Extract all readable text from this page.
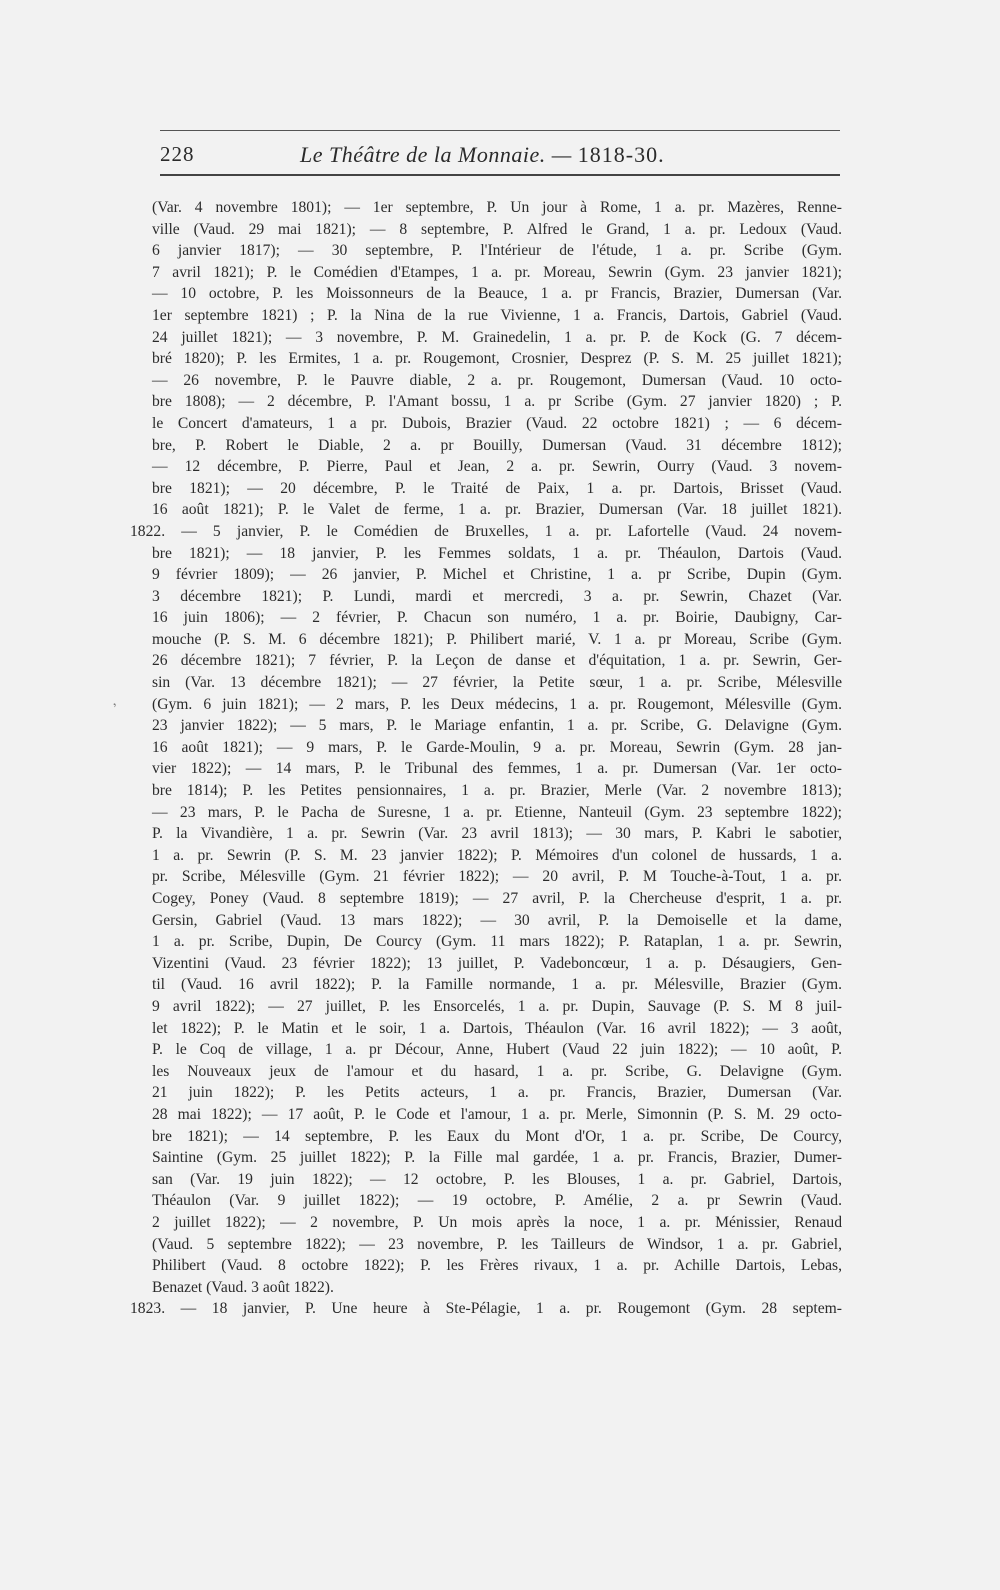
228	Le Théâtre de la Monnaie. — 1818-30.
,
(Var. 4 novembre 1801); — 1er septembre, P. Un jour à Rome, 1 a. pr. Mazères, Renne-
ville (Vaud. 29 mai 1821); — 8 septembre, P. Alfred le Grand, 1 a. pr. Ledoux (Vaud.
6 janvier 1817); — 30 septembre, P. l'Intérieur de l'étude, 1 a. pr. Scribe (Gym.
7 avril 1821); P. le Comédien d'Etampes, 1 a. pr. Moreau, Sewrin (Gym. 23 janvier 1821);
— 10 octobre, P. les Moissonneurs de la Beauce, 1 a. pr Francis, Brazier, Dumersan (Var.
1er septembre 1821) ; P. la Nina de la rue Vivienne, 1 a. Francis, Dartois, Gabriel (Vaud.
24 juillet 1821); — 3 novembre, P. M. Grainedelin, 1 a. pr. P. de Kock (G. 7 décem-
bré 1820); P. les Ermites, 1 a. pr. Rougemont, Crosnier, Desprez (P. S. M. 25 juillet 1821);
— 26 novembre, P. le Pauvre diable, 2 a. pr. Rougemont, Dumersan (Vaud. 10 octo-
bre 1808); — 2 décembre, P. l'Amant bossu, 1 a. pr Scribe (Gym. 27 janvier 1820) ; P.
le Concert d'amateurs, 1 a pr. Dubois, Brazier (Vaud. 22 octobre 1821) ; — 6 décem-
bre, P. Robert le Diable, 2 a. pr Bouilly, Dumersan (Vaud. 31 décembre 1812);
— 12 décembre, P. Pierre, Paul et Jean, 2 a. pr. Sewrin, Ourry (Vaud. 3 novem-
bre 1821); — 20 décembre, P. le Traité de Paix, 1 a. pr. Dartois, Brisset (Vaud.
16 août 1821); P. le Valet de ferme, 1 a. pr. Brazier, Dumersan (Var. 18 juillet 1821).
1822. — 5 janvier, P. le Comédien de Bruxelles, 1 a. pr. Lafortelle (Vaud. 24 novem-
bre 1821); — 18 janvier, P. les Femmes soldats, 1 a. pr. Théaulon, Dartois (Vaud.
9 février 1809); — 26 janvier, P. Michel et Christine, 1 a. pr Scribe, Dupin (Gym.
3 décembre 1821); P. Lundi, mardi et mercredi, 3 a. pr. Sewrin, Chazet (Var.
16 juin 1806); — 2 février, P. Chacun son numéro, 1 a. pr. Boirie, Daubigny, Car-
mouche (P. S. M. 6 décembre 1821); P. Philibert marié, V. 1 a. pr Moreau, Scribe (Gym.
26 décembre 1821); 7 février, P. la Leçon de danse et d'équitation, 1 a. pr. Sewrin, Ger-
sin (Var. 13 décembre 1821); — 27 février, la Petite sœur, 1 a. pr. Scribe, Mélesville
(Gym. 6 juin 1821); — 2 mars, P. les Deux médecins, 1 a. pr. Rougemont, Mélesville (Gym.
23 janvier 1822); — 5 mars, P. le Mariage enfantin, 1 a. pr. Scribe, G. Delavigne (Gym.
16 août 1821); — 9 mars, P. le Garde-Moulin, 9 a. pr. Moreau, Sewrin (Gym. 28 jan-
vier 1822); — 14 mars, P. le Tribunal des femmes, 1 a. pr. Dumersan (Var. 1er octo-
bre 1814); P. les Petites pensionnaires, 1 a. pr. Brazier, Merle (Var. 2 novembre 1813);
— 23 mars, P. le Pacha de Suresne, 1 a. pr. Etienne, Nanteuil (Gym. 23 septembre 1822);
P. la Vivandière, 1 a. pr. Sewrin (Var. 23 avril 1813); — 30 mars, P. Kabri le sabotier,
1 a. pr. Sewrin (P. S. M. 23 janvier 1822); P. Mémoires d'un colonel de hussards, 1 a.
pr. Scribe, Mélesville (Gym. 21 février 1822); — 20 avril, P. M Touche-à-Tout, 1 a. pr.
Cogey, Poney (Vaud. 8 septembre 1819); — 27 avril, P. la Chercheuse d'esprit, 1 a. pr.
Gersin, Gabriel (Vaud. 13 mars 1822); — 30 avril, P. la Demoiselle et la dame,
1 a. pr. Scribe, Dupin, De Courcy (Gym. 11 mars 1822); P. Rataplan, 1 a. pr. Sewrin,
Vizentini (Vaud. 23 février 1822); 13 juillet, P. Vadeboncœur, 1 a. p. Désaugiers, Gen-
til (Vaud. 16 avril 1822); P. la Famille normande, 1 a. pr. Mélesville, Brazier (Gym.
9 avril 1822); — 27 juillet, P. les Ensorcelés, 1 a. pr. Dupin, Sauvage (P. S. M 8 juil-
let 1822); P. le Matin et le soir, 1 a. Dartois, Théaulon (Var. 16 avril 1822); — 3 août,
P. le Coq de village, 1 a. pr Décour, Anne, Hubert (Vaud 22 juin 1822); — 10 août, P.
les Nouveaux jeux de l'amour et du hasard, 1 a. pr. Scribe, G. Delavigne (Gym.
21 juin 1822); P. les Petits acteurs, 1 a. pr. Francis, Brazier, Dumersan (Var.
28 mai 1822); — 17 août, P. le Code et l'amour, 1 a. pr. Merle, Simonnin (P. S. M. 29 octo-
bre 1821); — 14 septembre, P. les Eaux du Mont d'Or, 1 a. pr. Scribe, De Courcy,
Saintine (Gym. 25 juillet 1822); P. la Fille mal gardée, 1 a. pr. Francis, Brazier, Dumer-
san (Var. 19 juin 1822); — 12 octobre, P. les Blouses, 1 a. pr. Gabriel, Dartois,
Théaulon (Var. 9 juillet 1822); — 19 octobre, P. Amélie, 2 a. pr Sewrin (Vaud.
2 juillet 1822); — 2 novembre, P. Un mois après la noce, 1 a. pr. Ménissier, Renaud
(Vaud. 5 septembre 1822); — 23 novembre, P. les Tailleurs de Windsor, 1 a. pr. Gabriel,
Philibert (Vaud. 8 octobre 1822); P. les Frères rivaux, 1 a. pr. Achille Dartois, Lebas,
Benazet (Vaud. 3 août 1822).
1823. — 18 janvier, P. Une heure à Ste-Pélagie, 1 a. pr. Rougemont (Gym. 28 septem-
